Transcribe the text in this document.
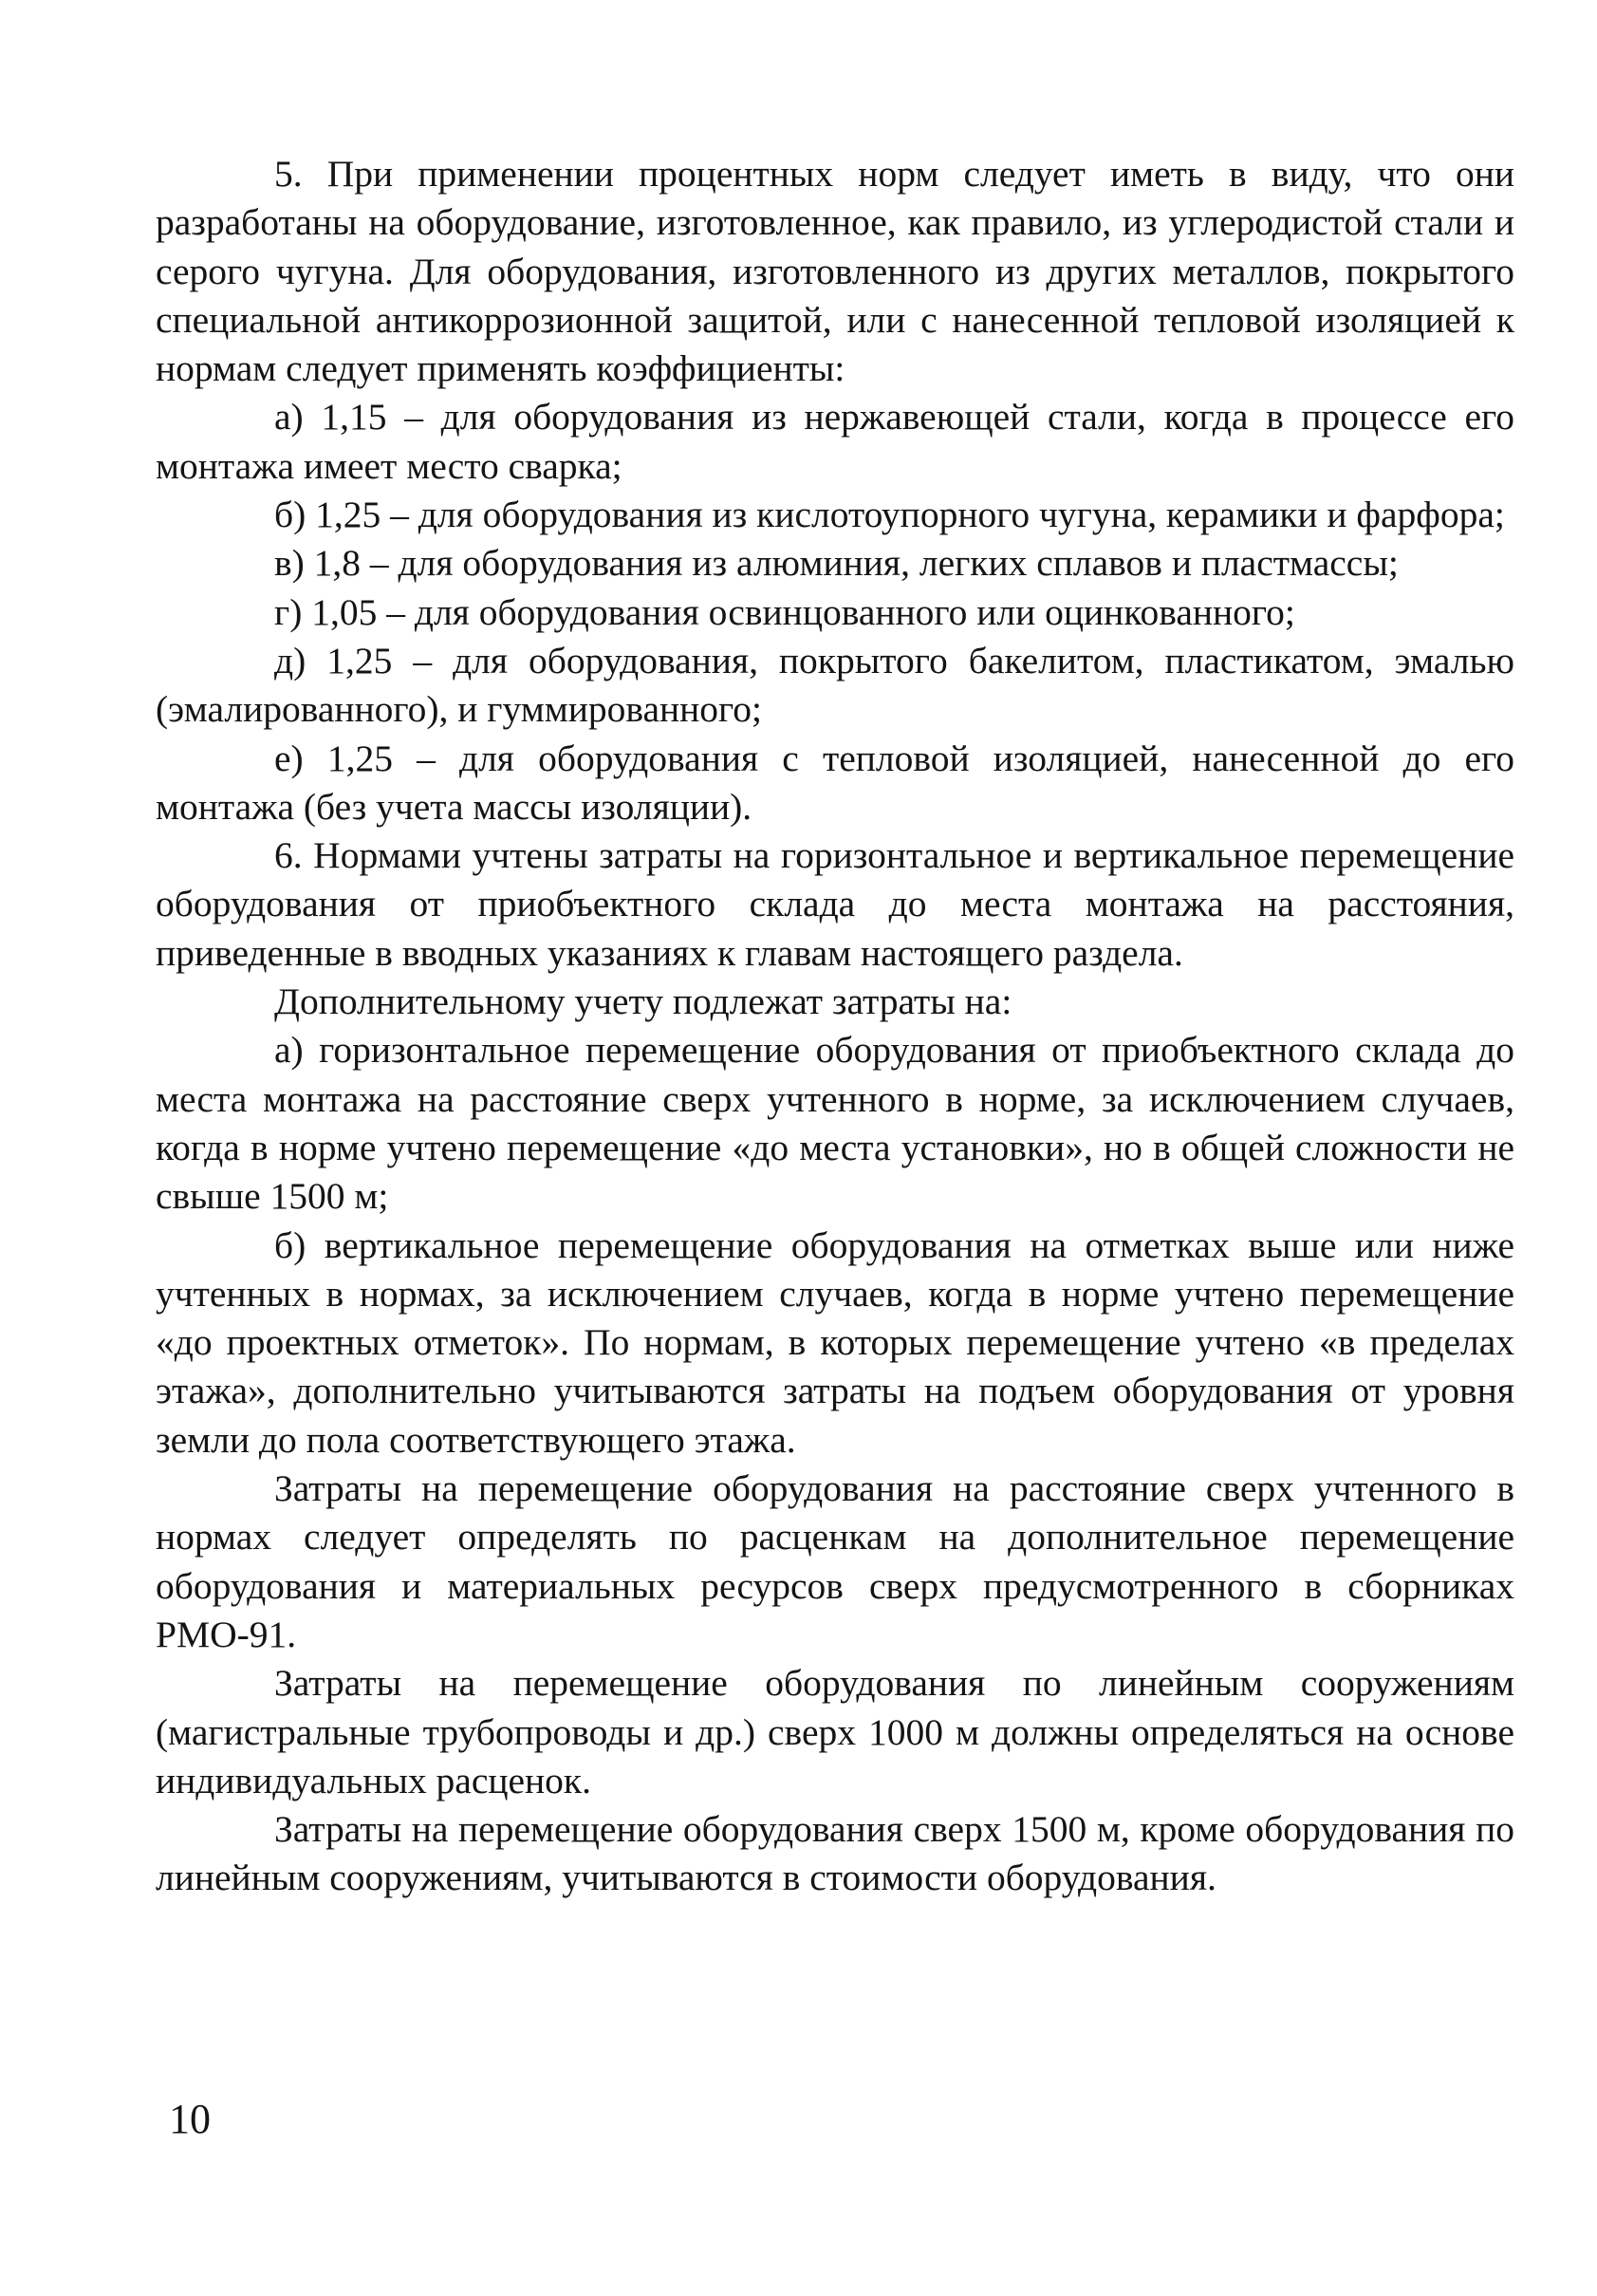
5. При применении процентных норм следует иметь в виду, что они разработаны на оборудование, изготовленное, как правило, из углеродистой стали и серого чугуна. Для оборудования, изготовленного из других металлов, покрытого специальной антикоррозионной защитой, или с нанесенной тепловой изоляцией к нормам следует применять коэффициенты:

а) 1,15 – для оборудования из нержавеющей стали, когда в процессе его монтажа имеет место сварка;

б) 1,25 – для оборудования из кислотоупорного чугуна, керамики и фарфора;

в) 1,8 – для оборудования из алюминия, легких сплавов и пластмассы;

г) 1,05 – для оборудования освинцованного или оцинкованного;

д) 1,25 – для оборудования, покрытого бакелитом, пластикатом, эмалью (эмалированного), и гуммированного;

е) 1,25 – для оборудования с тепловой изоляцией, нанесенной до его монтажа (без учета массы изоляции).

6. Нормами учтены затраты на горизонтальное и вертикальное перемещение оборудования от приобъектного склада до места монтажа на расстояния, приведенные в вводных указаниях к главам настоящего раздела.

Дополнительному учету подлежат затраты на:

а) горизонтальное перемещение оборудования от приобъектного склада до места монтажа на расстояние сверх учтенного в норме, за исключением случаев, когда в норме учтено перемещение «до места установки», но в общей сложности не свыше 1500 м;

б) вертикальное перемещение оборудования на отметках выше или ниже учтенных в нормах, за исключением случаев, когда в норме учтено перемещение «до проектных отметок». По нормам, в которых перемещение учтено «в пределах этажа», дополнительно учитываются затраты на подъем оборудования от уровня земли до пола соответствующего этажа.

Затраты на перемещение оборудования на расстояние сверх учтенного в нормах следует определять по расценкам на дополнительное перемещение оборудования и материальных ресурсов сверх предусмотренного в сборниках РМО-91.

Затраты на перемещение оборудования по линейным сооружениям (магистральные трубопроводы и др.) сверх 1000 м должны определяться на основе индивидуальных расценок.

Затраты на перемещение оборудования сверх 1500 м, кроме оборудования по линейным сооружениям, учитываются в стоимости оборудования.

10
